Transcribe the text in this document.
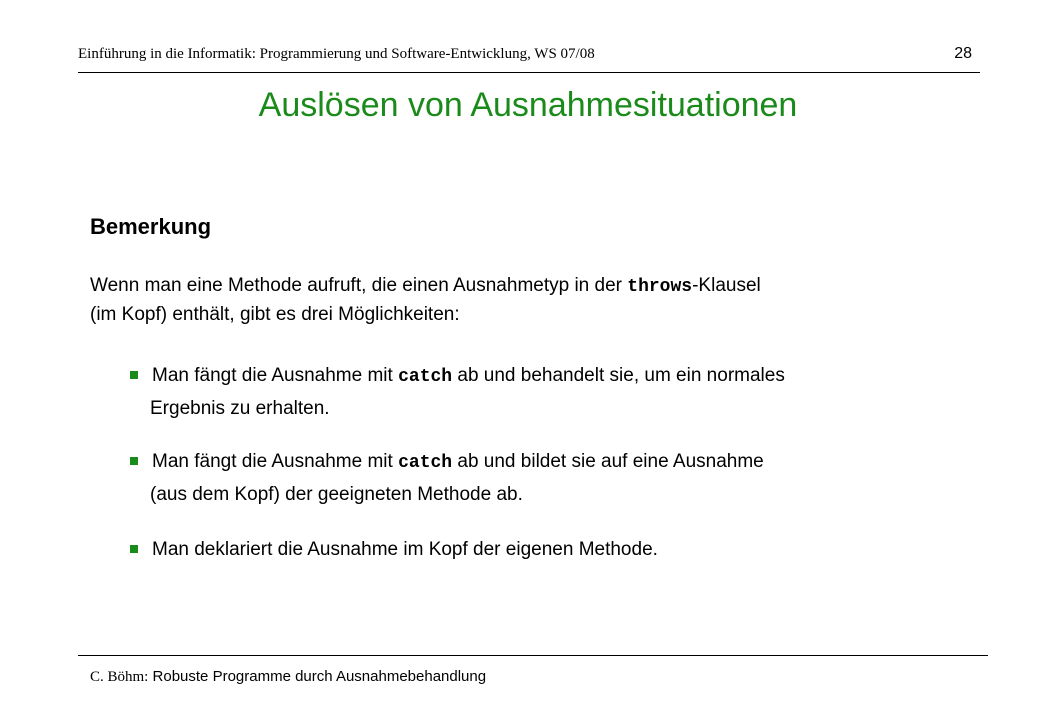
Einführung in die Informatik: Programmierung und Software-Entwicklung, WS 07/08	28
Auslösen von Ausnahmesituationen
Bemerkung
Wenn man eine Methode aufruft, die einen Ausnahmetyp in der throws-Klausel
(im Kopf) enthält, gibt es drei Möglichkeiten:
Man fängt die Ausnahme mit catch ab und behandelt sie, um ein normales
Ergebnis zu erhalten.
Man fängt die Ausnahme mit catch ab und bildet sie auf eine Ausnahme
(aus dem Kopf) der geeigneten Methode ab.
Man deklariert die Ausnahme im Kopf der eigenen Methode.
C. Böhm: Robuste Programme durch Ausnahmebehandlung
